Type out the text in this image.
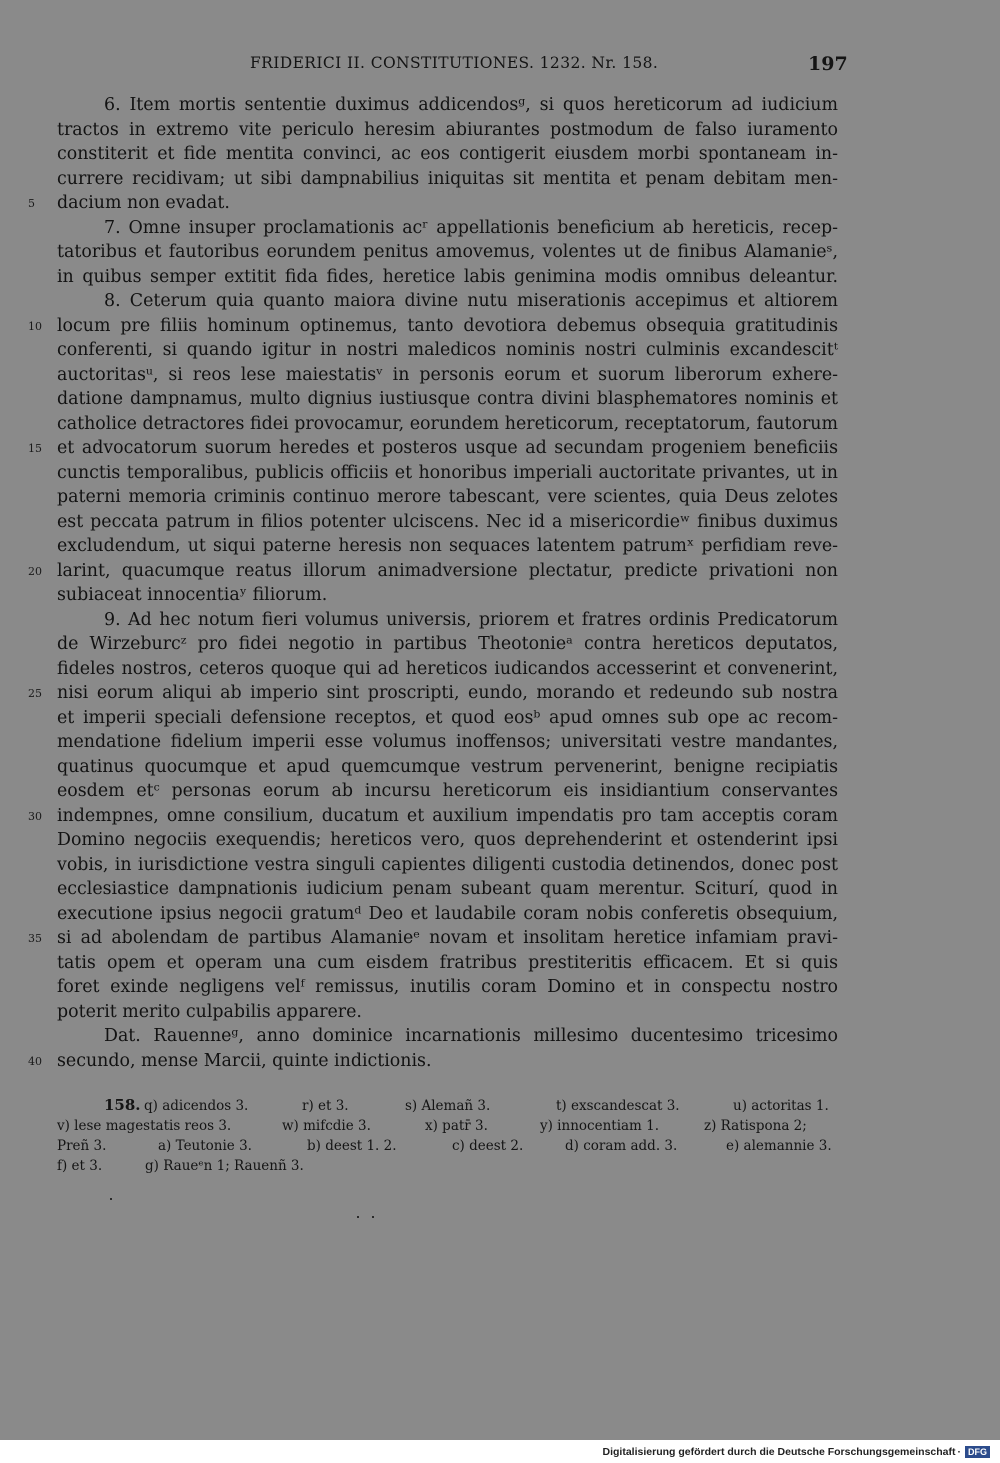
FRIDERICI II. CONSTITUTIONES. 1232. Nr. 158.	197
6. Item mortis sententie duximus addicendosᵍ, si quos hereticorum ad iudicium
tractos in extremo vite periculo heresim abiurantes postmodum de falso iuramento
constiterit et fide mentita convinci, ac eos contigerit eiusdem morbi spontaneam in-
currere recidivam; ut sibi dampnabilius iniquitas sit mentita et penam debitam men-
dacium non evadat.
7. Omne insuper proclamationis acʳ appellationis beneficium ab hereticis, recep-
tatoribus et fautoribus eorundem penitus amovemus, volentes ut de finibus Alamanieˢ,
in quibus semper extitit fida fides, heretice labis genimina modis omnibus deleantur.
8. Ceterum quia quanto maiora divine nutu miserationis accepimus et altiorem
locum pre filiis hominum optinemus, tanto devotiora debemus obsequia gratitudinis
conferenti, si quando igitur in nostri maledicos nominis nostri culminis excandescitᵗ
auctoritasᵘ, si reos lese maiestatisᵛ in personis eorum et suorum liberorum exhere-
datione dampnamus, multo dignius iustiusque contra divini blasphematores nominis et
catholice detractores fidei provocamur, eorundem hereticorum, receptatorum, fautorum
et advocatorum suorum heredes et posteros usque ad secundam progeniem beneficiis
cunctis temporalibus, publicis officiis et honoribus imperiali auctoritate privantes, ut in
paterni memoria criminis continuo merore tabescant, vere scientes, quia Deus zelotes
est peccata patrum in filios potenter ulciscens. Nec id a misericordieʷ finibus duximus
excludendum, ut siqui paterne heresis non sequaces latentem patrumˣ perfidiam reve-
larint, quacumque reatus illorum animadversione plectatur, predicte privationi non
subiaceat innocentiaʸ filiorum.
9. Ad hec notum fieri volumus universis, priorem et fratres ordinis Predicatorum
de Wirzeburcᶻ pro fidei negotio in partibus Theotonieᵃ contra hereticos deputatos,
fideles nostros, ceteros quoque qui ad hereticos iudicandos accesserint et convenerint,
nisi eorum aliqui ab imperio sint proscripti, eundo, morando et redeundo sub nostra
et imperii speciali defensione receptos, et quod eosᵇ apud omnes sub ope ac recom-
mendatione fidelium imperii esse volumus inoffensos; universitati vestre mandantes,
quatinus quocumque et apud quemcumque vestrum pervenerint, benigne recipiatis
eosdem etᶜ personas eorum ab incursu hereticorum eis insidiantium conservantes
indempnes, omne consilium, ducatum et auxilium impendatis pro tam acceptis coram
Domino negociis exequendis; hereticos vero, quos deprehenderint et ostenderint ipsi
vobis, in iurisdictione vestra singuli capientes diligenti custodia detinendos, donec post
ecclesiastice dampnationis iudicium penam subeant quam merentur. Sciturí, quod in
executione ipsius negocii gratumᵈ Deo et laudabile coram nobis conferetis obsequium,
si ad abolendam de partibus Alamanieᵉ novam et insolitam heretice infamiam pravi-
tatis opem et operam una cum eisdem fratribus prestiteritis efficacem. Et si quis
foret exinde negligens velᶠ remissus, inutilis coram Domino et in conspectu nostro
poterit merito culpabilis apparere.
Dat. Rauenneᵍ, anno dominice incarnationis millesimo ducentesimo tricesimo
secundo, mense Marcii, quinte indictionis.
5
10
15
20
25
30
35
40
158. q) adicendos 3.	r) et 3.	s) Alemañ 3.	t) exscandescat 3.	u) actoritas 1.
v) lese magestatis reos 3.	w) mifcdie 3.	x) patr̄ 3.	y) innocentiam 1.	z) Ratispona 2;
Preñ 3.	a) Teutonie 3.	b) deest 1. 2.	c) deest 2.	d) coram add. 3.	e) alemannie 3.
f) et 3.	g) Raueᵉn 1; Rauenñ 3.
Digitalisierung gefördert durch die Deutsche Forschungsgemeinschaft · DFG
